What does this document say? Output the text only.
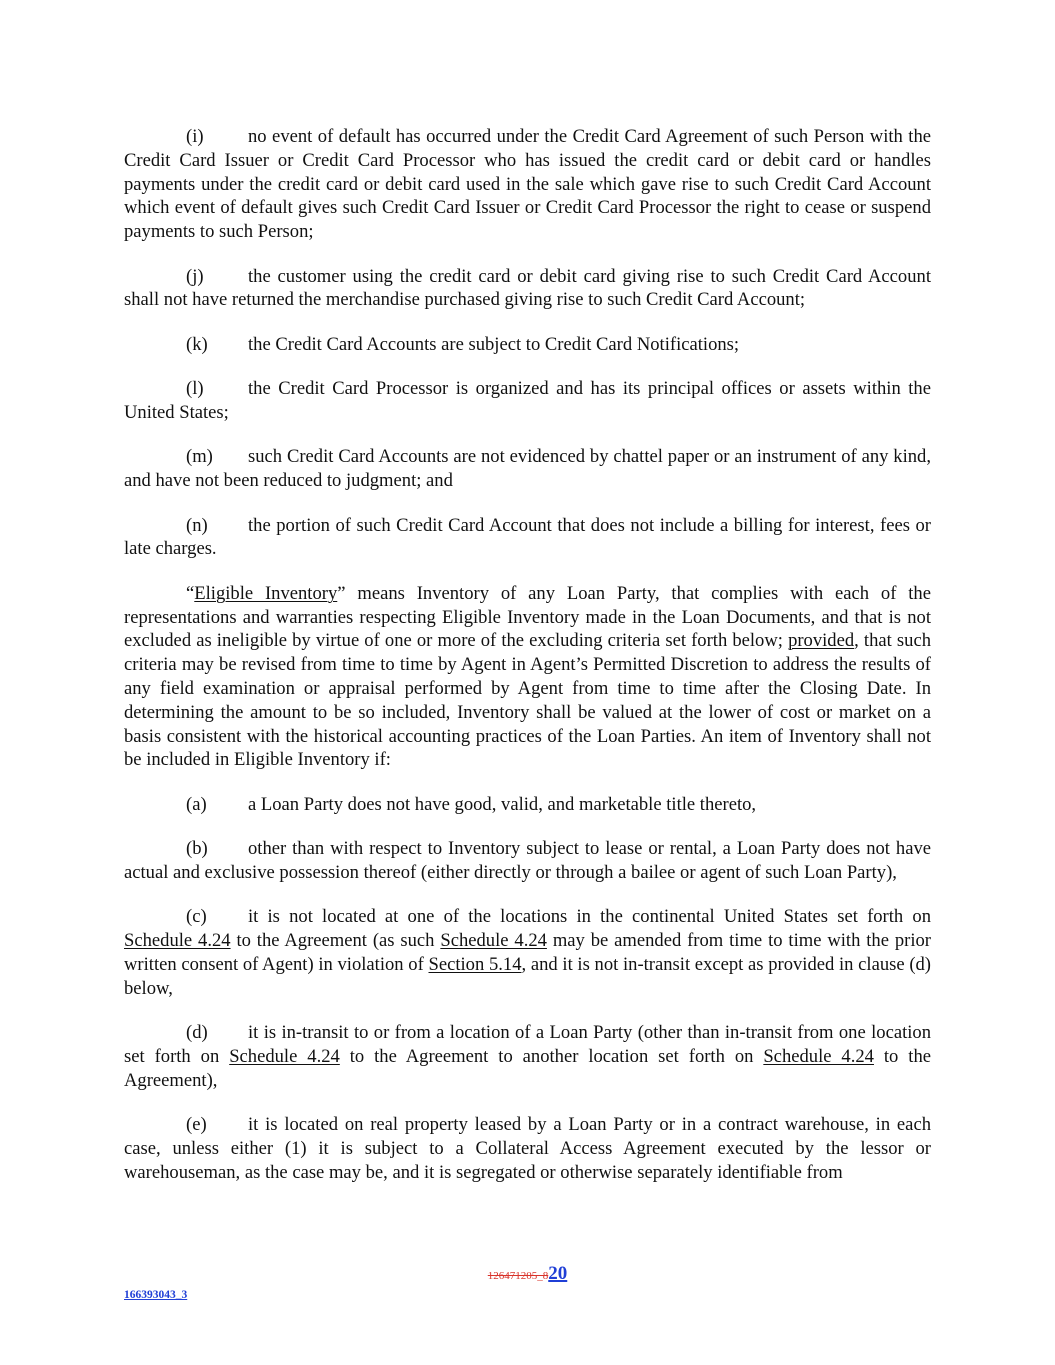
(i) no event of default has occurred under the Credit Card Agreement of such Person with the Credit Card Issuer or Credit Card Processor who has issued the credit card or debit card or handles payments under the credit card or debit card used in the sale which gave rise to such Credit Card Account which event of default gives such Credit Card Issuer or Credit Card Processor the right to cease or suspend payments to such Person;

(j) the customer using the credit card or debit card giving rise to such Credit Card Account shall not have returned the merchandise purchased giving rise to such Credit Card Account;

(k) the Credit Card Accounts are subject to Credit Card Notifications;

(l) the Credit Card Processor is organized and has its principal offices or assets within the United States;

(m) such Credit Card Accounts are not evidenced by chattel paper or an instrument of any kind, and have not been reduced to judgment; and

(n) the portion of such Credit Card Account that does not include a billing for interest, fees or late charges.

“Eligible Inventory” means Inventory of any Loan Party, that complies with each of the representations and warranties respecting Eligible Inventory made in the Loan Documents, and that is not excluded as ineligible by virtue of one or more of the excluding criteria set forth below; provided, that such criteria may be revised from time to time by Agent in Agent’s Permitted Discretion to address the results of any field examination or appraisal performed by Agent from time to time after the Closing Date. In determining the amount to be so included, Inventory shall be valued at the lower of cost or market on a basis consistent with the historical accounting practices of the Loan Parties. An item of Inventory shall not be included in Eligible Inventory if:

(a) a Loan Party does not have good, valid, and marketable title thereto,

(b) other than with respect to Inventory subject to lease or rental, a Loan Party does not have actual and exclusive possession thereof (either directly or through a bailee or agent of such Loan Party),

(c) it is not located at one of the locations in the continental United States set forth on Schedule 4.24 to the Agreement (as such Schedule 4.24 may be amended from time to time with the prior written consent of Agent) in violation of Section 5.14, and it is not in-transit except as provided in clause (d) below,

(d) it is in-transit to or from a location of a Loan Party (other than in-transit from one location set forth on Schedule 4.24 to the Agreement to another location set forth on Schedule 4.24 to the Agreement),

(e) it is located on real property leased by a Loan Party or in a contract warehouse, in each case, unless either (1) it is subject to a Collateral Access Agreement executed by the lessor or warehouseman, as the case may be, and it is segregated or otherwise separately identifiable from

126471205_820
166393043_3
